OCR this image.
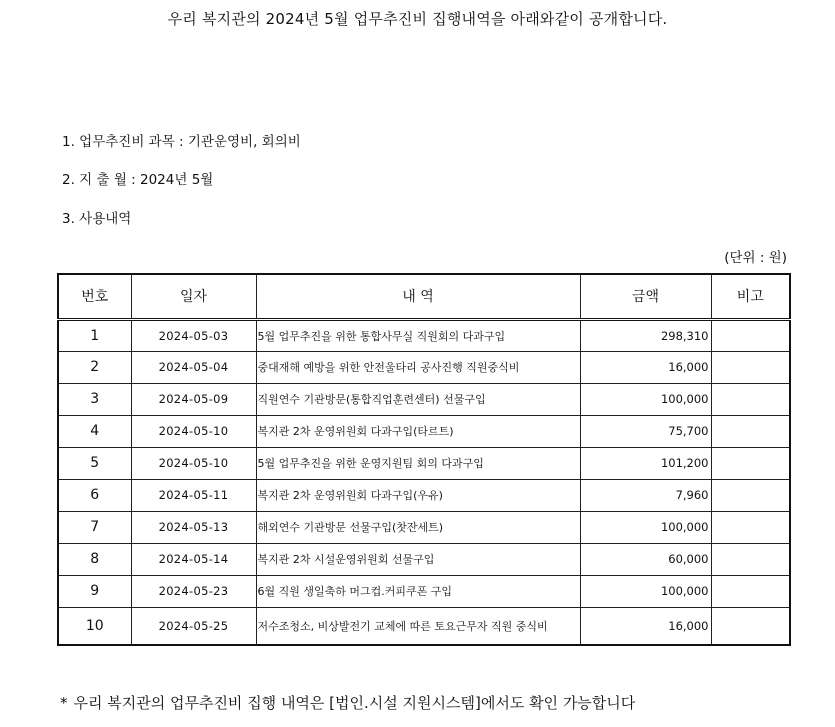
우리 복지관의 2024년 5월 업무추진비 집행내역을 아래와같이 공개합니다.
1. 업무추진비 과목 : 기관운영비, 회의비
2. 지 출 월 : 2024년 5월
3. 사용내역
(단위 : 원)
번호	일자	내 역	금액	비고
1	2024-05-03	5월 업무추진을 위한 통합사무실 직원회의 다과구입	298,310	
2	2024-05-04	중대재해 예방을 위한 안전울타리 공사진행 직원중식비	16,000	
3	2024-05-09	직원연수 기관방문(통합직업훈련센터) 선물구입	100,000	
4	2024-05-10	복지관 2차 운영위원회 다과구입(타르트)	75,700	
5	2024-05-10	5월 업무추진을 위한 운영지원팀 회의 다과구입	101,200	
6	2024-05-11	복지관 2차 운영위원회 다과구입(우유)	7,960	
7	2024-05-13	해외연수 기관방문 선물구입(찻잔세트)	100,000	
8	2024-05-14	복지관 2차 시설운영위원회 선물구입	60,000	
9	2024-05-23	6월 직원 생일축하 머그컵.커피쿠폰 구입	100,000	
10	2024-05-25	저수조청소, 비상발전기 교체에 따른 토요근무자 직원 중식비	16,000	
* 우리 복지관의 업무추진비 집행 내역은 [법인.시설 지원시스템]에서도 확인 가능합니다
